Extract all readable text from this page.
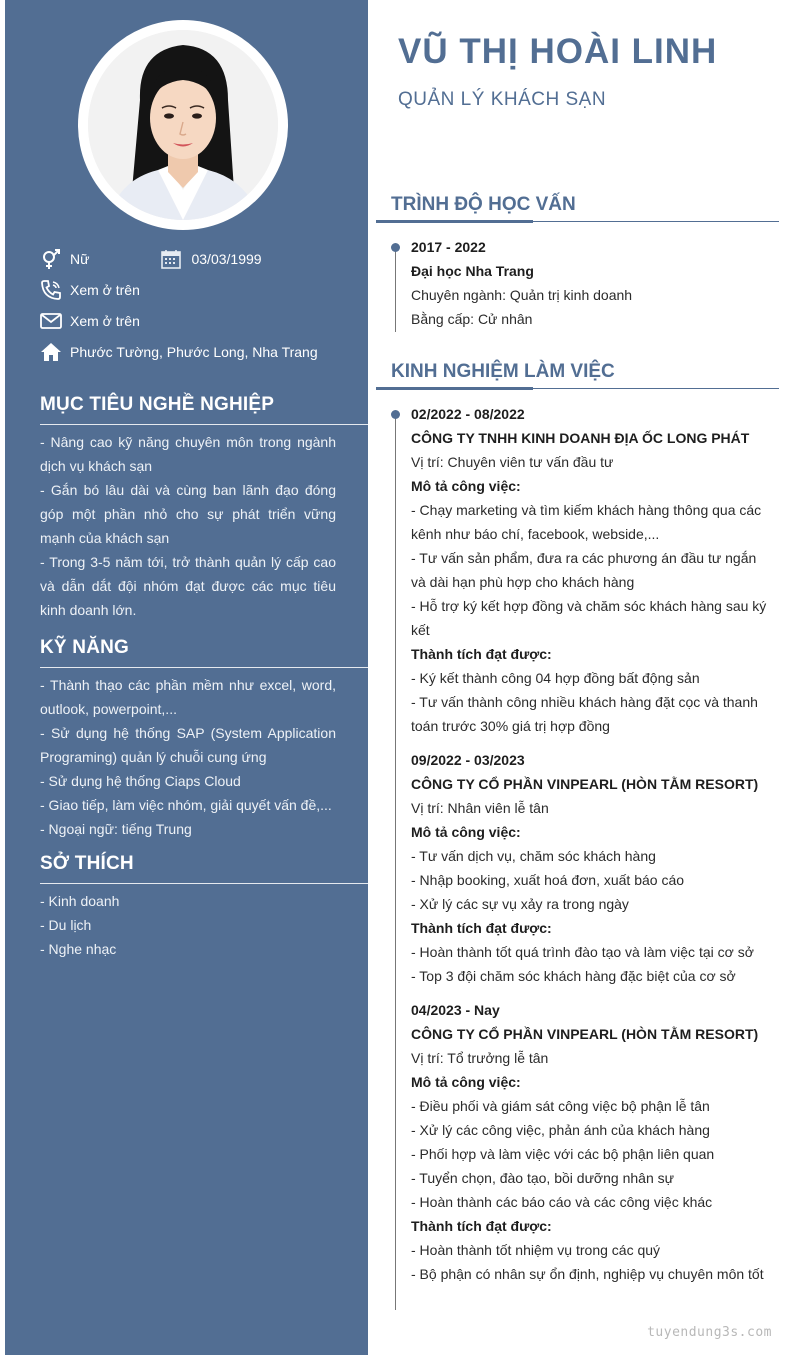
Nữ	03/03/1999
Xem ở trên
Xem ở trên
Phước Tường, Phước Long, Nha Trang
MỤC TIÊU NGHỀ NGHIỆP

- Nâng cao kỹ năng chuyên môn trong ngành dịch vụ khách sạn

- Gắn bó lâu dài và cùng ban lãnh đạo đóng góp một phần nhỏ cho sự phát triển vững mạnh của khách sạn

- Trong 3-5 năm tới, trở thành quản lý cấp cao và dẫn dắt đội nhóm đạt được các mục tiêu kinh doanh lớn.

KỸ NĂNG

- Thành thạo các phần mềm như excel, word, outlook, powerpoint,...

- Sử dụng hệ thống SAP (System Application Programing) quản lý chuỗi cung ứng

- Sử dụng hệ thống Ciaps Cloud

- Giao tiếp, làm việc nhóm, giải quyết vấn đề,...

- Ngoại ngữ: tiếng Trung

SỞ THÍCH

- Kinh doanh

- Du lịch

- Nghe nhạc

VŨ THỊ HOÀI LINH
QUẢN LÝ KHÁCH SẠN
TRÌNH ĐỘ HỌC VẤN
2017 - 2022
Đại học Nha Trang
Chuyên ngành: Quản trị kinh doanh
Bằng cấp: Cử nhân
KINH NGHIỆM LÀM VIỆC
02/2022 - 08/2022
CÔNG TY TNHH KINH DOANH ĐỊA ỐC LONG PHÁT
Vị trí: Chuyên viên tư vấn đầu tư
Mô tả công việc:
- Chạy marketing và tìm kiếm khách hàng thông qua các kênh như báo chí, facebook, webside,...
- Tư vấn sản phẩm, đưa ra các phương án đầu tư ngắn và dài hạn phù hợp cho khách hàng
- Hỗ trợ ký kết hợp đồng và chăm sóc khách hàng sau ký kết
Thành tích đạt được:
- Ký kết thành công 04 hợp đồng bất động sản
- Tư vấn thành công nhiều khách hàng đặt cọc và thanh toán trước 30% giá trị hợp đồng
09/2022 - 03/2023
CÔNG TY CỔ PHẦN VINPEARL (HÒN TẰM RESORT)
Vị trí: Nhân viên lễ tân
Mô tả công việc:
- Tư vấn dịch vụ, chăm sóc khách hàng
- Nhập booking, xuất hoá đơn, xuất báo cáo
- Xử lý các sự vụ xảy ra trong ngày
Thành tích đạt được:
- Hoàn thành tốt quá trình đào tạo và làm việc tại cơ sở
- Top 3 đội chăm sóc khách hàng đặc biệt của cơ sở
04/2023 - Nay
CÔNG TY CỔ PHẦN VINPEARL (HÒN TẰM RESORT)
Vị trí: Tổ trưởng lễ tân
Mô tả công việc:
- Điều phối và giám sát công việc bộ phận lễ tân
- Xử lý các công việc, phản ánh của khách hàng
- Phối hợp và làm việc với các bộ phận liên quan
- Tuyển chọn, đào tạo, bồi dưỡng nhân sự
- Hoàn thành các báo cáo và các công việc khác
Thành tích đạt được:
- Hoàn thành tốt nhiệm vụ trong các quý
- Bộ phận có nhân sự ổn định, nghiệp vụ chuyên môn tốt
tuyendung3s.com
